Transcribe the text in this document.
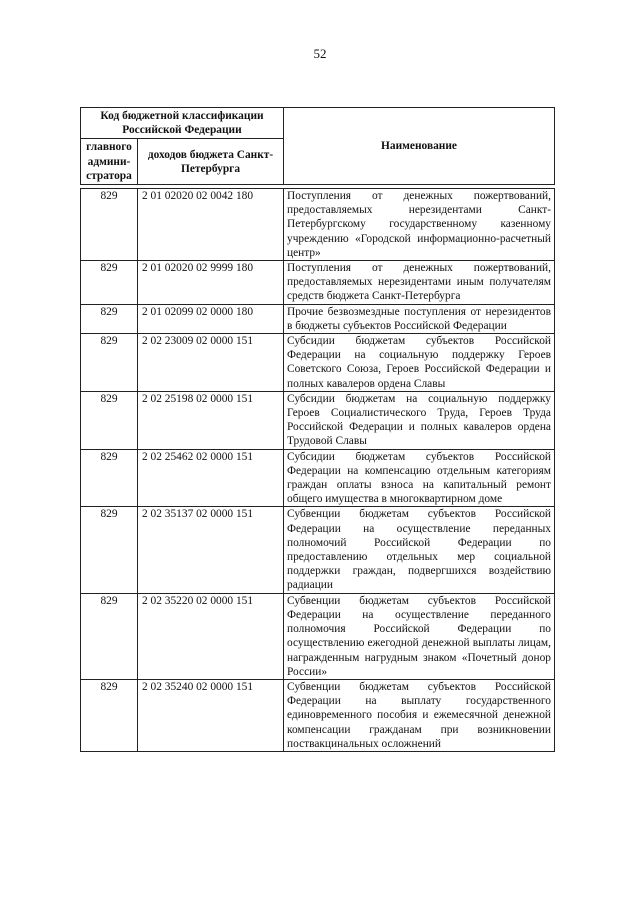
52
Код бюджетной классификации Российской Федерации		Наименование
главного админи-стратора	доходов бюджета Санкт-Петербурга	
829	2 01 02020 02 0042 180	Поступления от денежных пожертвований, предоставляемых нерезидентами Санкт-Петербургскому государственному казенному учреждению «Городской информационно-расчетный центр»
829	2 01 02020 02 9999 180	Поступления от денежных пожертвований, предоставляемых нерезидентами иным получателям средств бюджета Санкт-Петербурга
829	2 01 02099 02 0000 180	Прочие безвозмездные поступления от нерезидентов в бюджеты субъектов Российской Федерации
829	2 02 23009 02 0000 151	Субсидии бюджетам субъектов Российской Федерации на социальную поддержку Героев Советского Союза, Героев Российской Федерации и полных кавалеров ордена Славы
829	2 02 25198 02 0000 151	Субсидии бюджетам на социальную поддержку Героев Социалистического Труда, Героев Труда Российской Федерации и полных кавалеров ордена Трудовой Славы
829	2 02 25462 02 0000 151	Субсидии бюджетам субъектов Российской Федерации на компенсацию отдельным категориям граждан оплаты взноса на капитальный ремонт общего имущества в многоквартирном доме
829	2 02 35137 02 0000 151	Субвенции бюджетам субъектов Российской Федерации на осуществление переданных полномочий Российской Федерации по предоставлению отдельных мер социальной поддержки граждан, подвергшихся воздействию радиации
829	2 02 35220 02 0000 151	Субвенции бюджетам субъектов Российской Федерации на осуществление переданного полномочия Российской Федерации по осуществлению ежегодной денежной выплаты лицам, награжденным нагрудным знаком «Почетный донор России»
829	2 02 35240 02 0000 151	Субвенции бюджетам субъектов Российской Федерации на выплату государственного единовременного пособия и ежемесячной денежной компенсации гражданам при возникновении поствакцинальных осложнений
